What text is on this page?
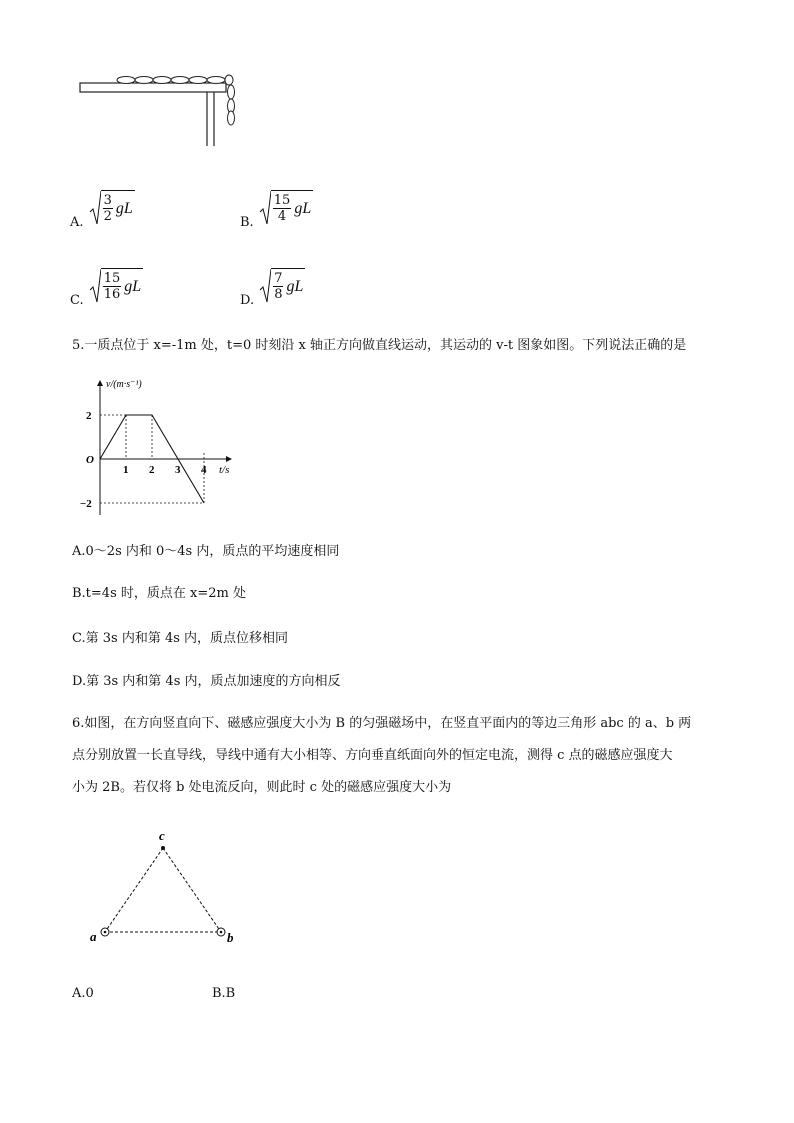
A. $\frac{3}{2}$ gL
B. $\frac{15}{4}$ gL
C. $\frac{15}{16}$ gL
D. $\frac{7}{8}$ gL
5.一质点位于 x=-1m 处，t=0 时刻沿 x 轴正方向做直线运动，其运动的 v-t 图象如图。下列说法正确的是
v/(m·s⁻¹)
t/s
O
2
−2
1 2 3 4
A.0～2s 内和 0～4s 内，质点的平均速度相同
B.t=4s 时，质点在 x=2m 处
C.第 3s 内和第 4s 内，质点位移相同
D.第 3s 内和第 4s 内，质点加速度的方向相反
6.如图，在方向竖直向下、磁感应强度大小为 B 的匀强磁场中，在竖直平面内的等边三角形 abc 的 a、b 两
点分别放置一长直导线，导线中通有大小相等、方向垂直纸面向外的恒定电流，测得 c 点的磁感应强度大
小为 2B。若仅将 b 处电流反向，则此时 c 处的磁感应强度大小为
c
a	b
A.0	B.B
